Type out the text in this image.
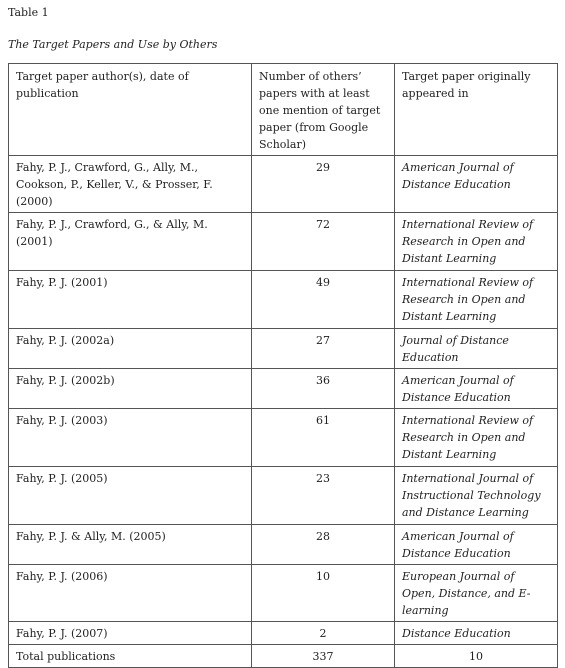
Table 1
The Target Papers and Use by Others
Target paper author(s), date of publication	Number of others’ papers with at least one mention of target paper (from Google Scholar)	Target paper originally appeared in
Fahy, P. J., Crawford, G., Ally, M., Cookson, P., Keller, V., & Prosser, F. (2000)	29	American Journal of Distance Education
Fahy, P. J., Crawford, G., & Ally, M. (2001)	72	International Review of Research in Open and Distant Learning
Fahy, P. J. (2001)	49	International Review of Research in Open and Distant Learning
Fahy, P. J. (2002a)	27	Journal of Distance Education
Fahy, P. J. (2002b)	36	American Journal of Distance Education
Fahy, P. J. (2003)	61	International Review of Research in Open and Distant Learning
Fahy, P. J. (2005)	23	International Journal of Instructional Technology and Distance Learning
Fahy, P. J. & Ally, M. (2005)	28	American Journal of Distance Education
Fahy, P. J. (2006)	10	European Journal of Open, Distance, and E-learning
Fahy, P. J. (2007)	2	Distance Education
Total publications	337	10
